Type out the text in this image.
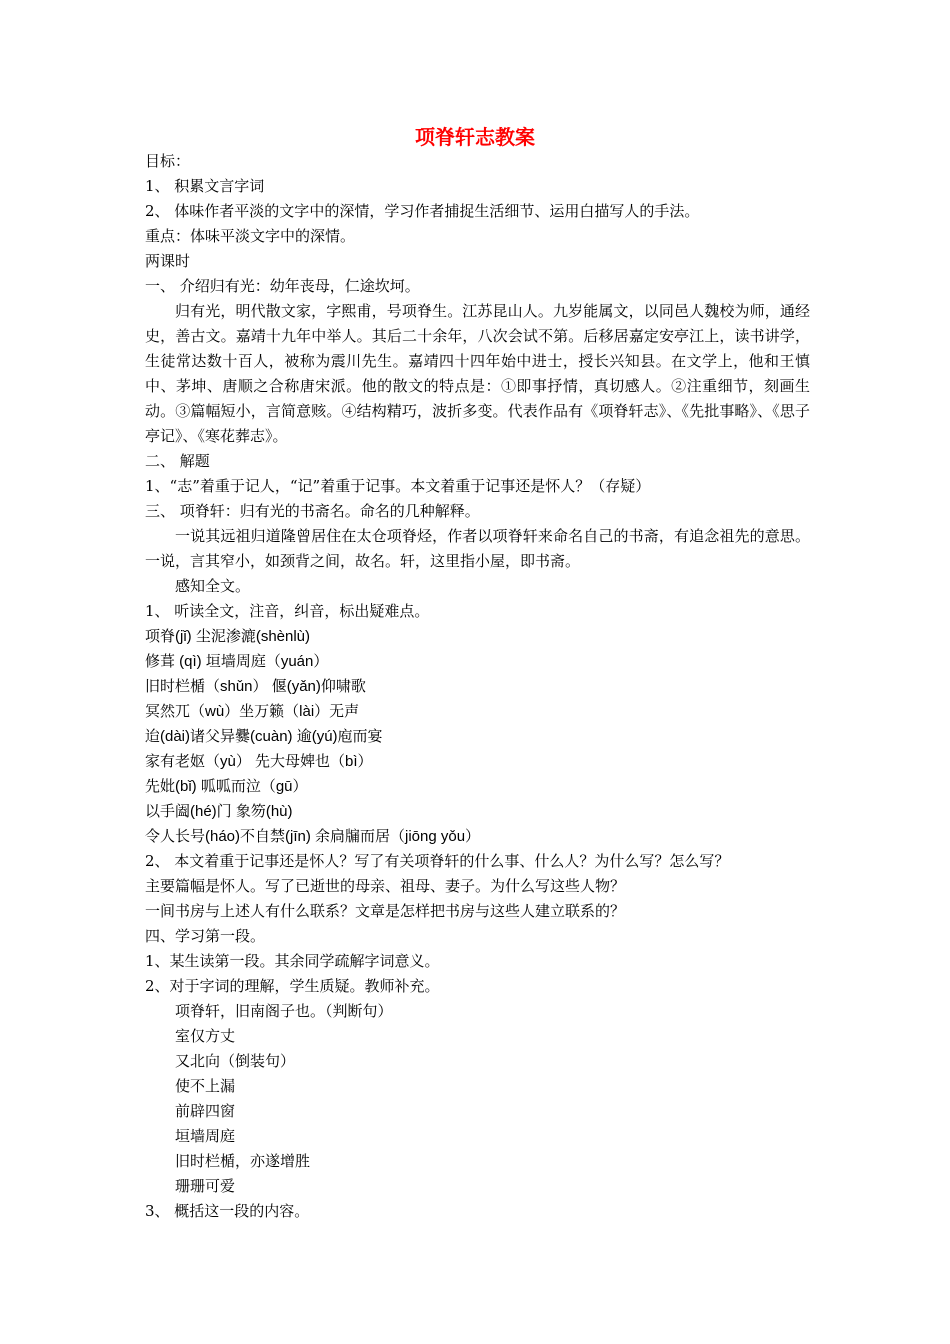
项脊轩志教案
目标：
1、 积累文言字词
2、 体味作者平淡的文字中的深情，学习作者捕捉生活细节、运用白描写人的手法。
重点：体味平淡文字中的深情。
两课时
一、 介绍归有光：幼年丧母，仁途坎坷。
归有光，明代散文家，字熙甫，号项脊生。江苏昆山人。九岁能属文，以同邑人魏校为师，通经史，善古文。嘉靖十九年中举人。其后二十余年，八次会试不第。后移居嘉定安亭江上，读书讲学，生徒常达数十百人，被称为震川先生。嘉靖四十四年始中进士，授长兴知县。在文学上，他和王慎中、茅坤、唐顺之合称唐宋派。他的散文的特点是：①即事抒情，真切感人。②注重细节，刻画生动。③篇幅短小，言简意赅。④结构精巧，波折多变。代表作品有《项脊轩志》、《先批事略》、《思子亭记》、《寒花葬志》。
二、 解题
1、“志”着重于记人，“记”着重于记事。本文着重于记事还是怀人？（存疑）
三、 项脊轩：归有光的书斋名。命名的几种解释。
一说其远祖归道隆曾居住在太仓项脊烃，作者以项脊轩来命名自己的书斋，有追念祖先的意思。一说，言其窄小，如颈背之间，故名。轩，这里指小屋，即书斋。
感知全文。
1、 听读全文，注音，纠音，标出疑难点。
项脊(jǐ) 尘泥渗漉(shènlù)
修葺 (qì) 垣墙周庭（yuán）
旧时栏楯（shǔn） 偃(yǎn)仰啸歌
冥然兀（wù）坐万籁（lài）无声
迨(dài)诸父异爨(cuàn) 逾(yú)庖而宴
家有老妪（yù） 先大母婢也（bì）
先妣(bǐ) 呱呱而泣（gū）
以手阖(hé)门 象笏(hù)
令人长号(háo)不自禁(jīn) 余扃牖而居（jiōng yǒu）
2、 本文着重于记事还是怀人？写了有关项脊轩的什么事、什么人？为什么写？怎么写？
主要篇幅是怀人。写了已逝世的母亲、祖母、妻子。为什么写这些人物？
一间书房与上述人有什么联系？文章是怎样把书房与这些人建立联系的？
四、学习第一段。
1、某生读第一段。其余同学疏解字词意义。
2、对于字词的理解，学生质疑。教师补充。
项脊轩，旧南阁子也。（判断句）
室仅方丈
又北向（倒装句）
使不上漏
前辟四窗
垣墙周庭
旧时栏楯，亦遂增胜
珊珊可爱
3、 概括这一段的内容。
